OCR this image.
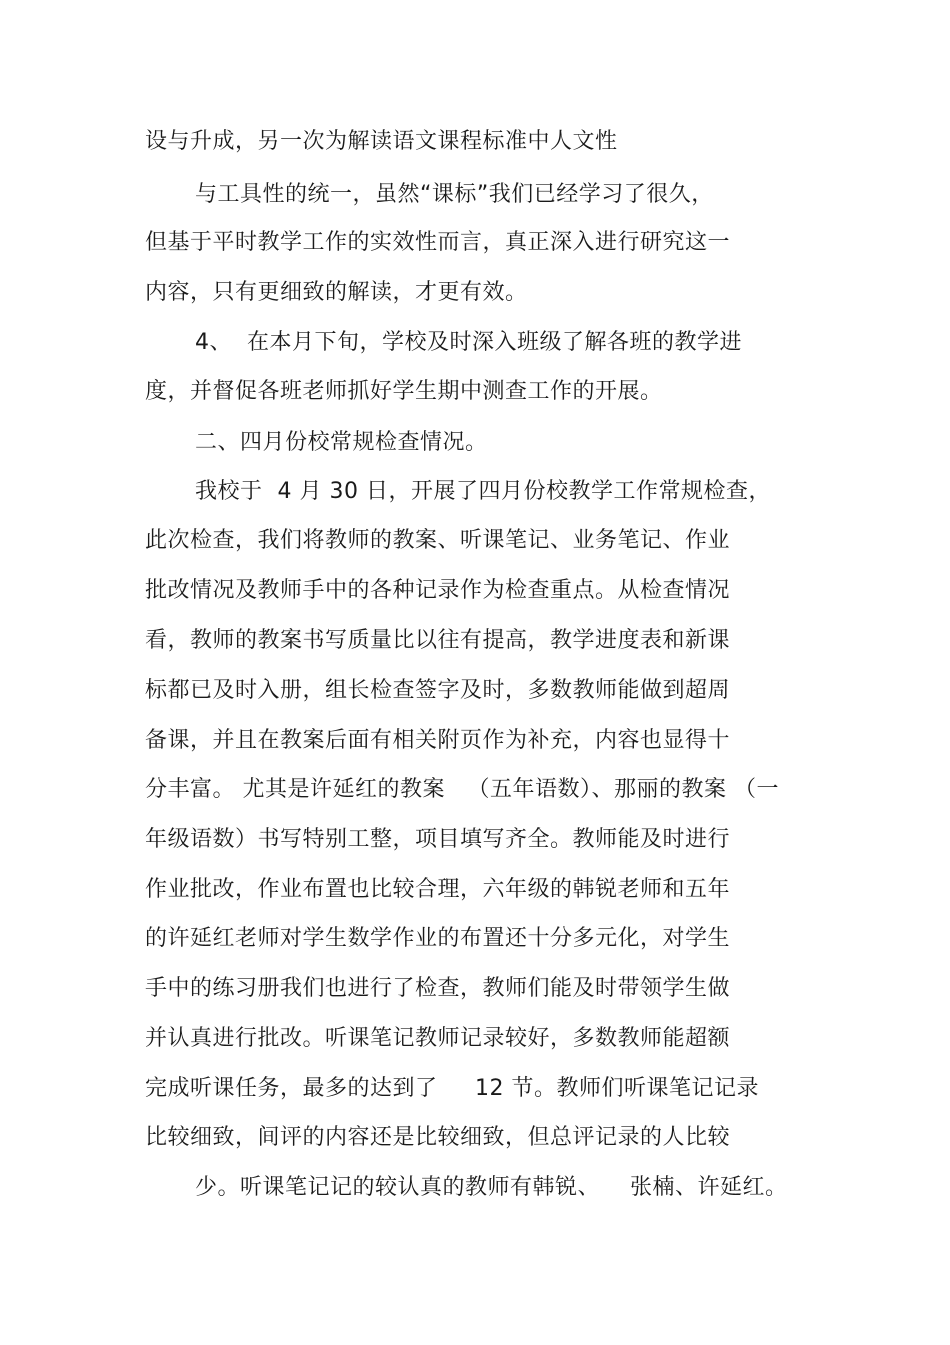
设与升成，另一次为解读语文课程标准中人文性
与工具性的统一，虽然“课标”我们已经学习了很久，
但基于平时教学工作的实效性而言，真正深入进行研究这一
内容，只有更细致的解读，才更有效。
4、  在本月下旬，学校及时深入班级了解各班的教学进
度，并督促各班老师抓好学生期中测查工作的开展。
二、四月份校常规检查情况。
我校于  4 月 30 日，开展了四月份校教学工作常规检查，
此次检查，我们将教师的教案、听课笔记、业务笔记、作业
批改情况及教师手中的各种记录作为检查重点。从检查情况
看，教师的教案书写质量比以往有提高，教学进度表和新课
标都已及时入册，组长检查签字及时，多数教师能做到超周
备课，并且在教案后面有相关附页作为补充，内容也显得十
分丰富。 尤其是许延红的教案   （五年语数）、那丽的教案 （一
年级语数）书写特别工整，项目填写齐全。教师能及时进行
作业批改，作业布置也比较合理，六年级的韩锐老师和五年
的许延红老师对学生数学作业的布置还十分多元化，对学生
手中的练习册我们也进行了检查，教师们能及时带领学生做
并认真进行批改。听课笔记教师记录较好，多数教师能超额
完成听课任务，最多的达到了     12 节。教师们听课笔记记录
比较细致，间评的内容还是比较细致，但总评记录的人比较
少。听课笔记记的较认真的教师有韩锐、    张楠、许延红。
